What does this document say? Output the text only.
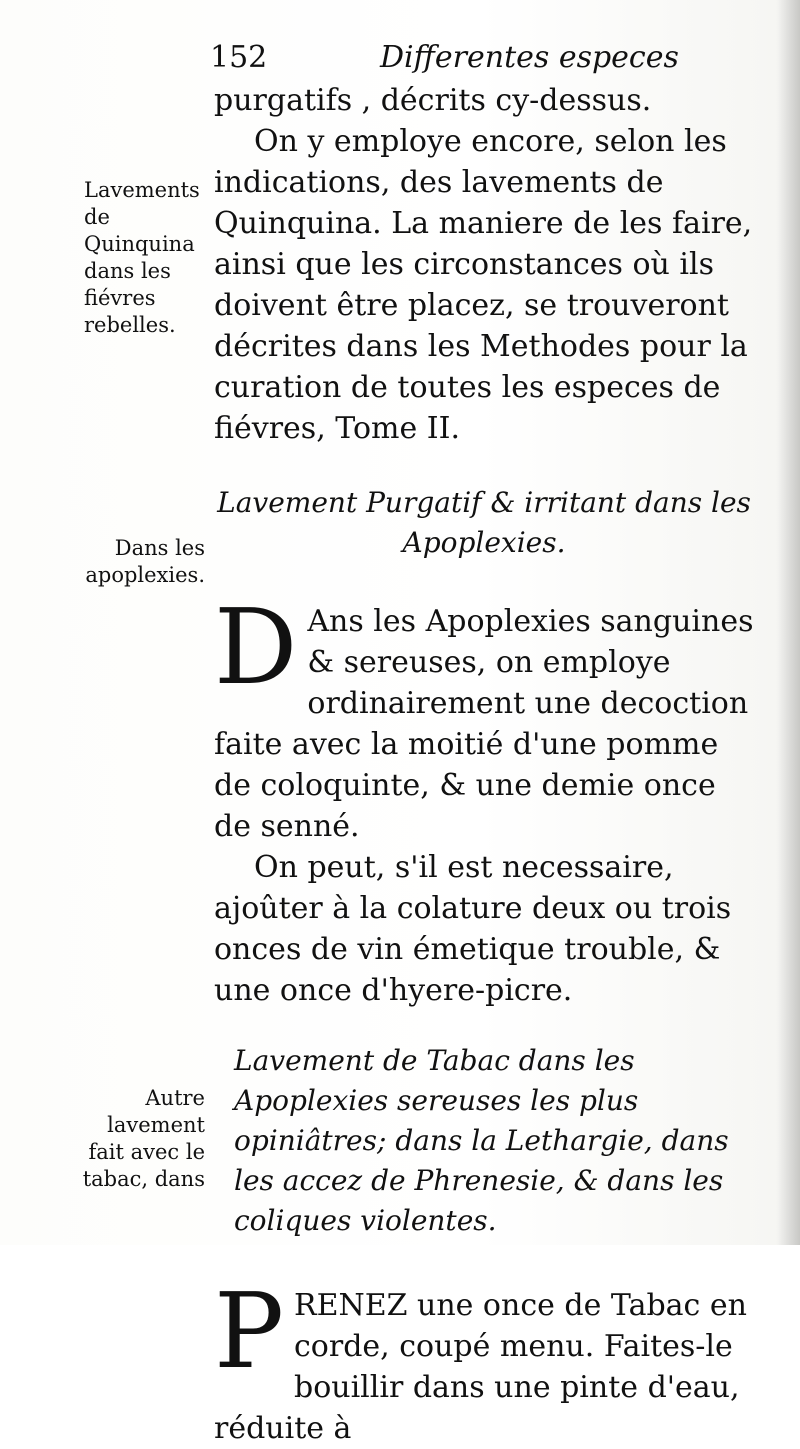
152	Differentes especes
Lavements de Quinquina dans les fiévres rebelles.
Dans les apoplexies.
Autre lavement fait avec le tabac, dans

purgatifs , décrits cy-dessus.

On y employe encore, selon les indications, des lavements de Quinquina. La maniere de les faire, ainsi que les circonstances où ils doivent être placez, se trouveront décrites dans les Methodes pour la curation de toutes les especes de fiévres, Tome II.

Lavement Purgatif & irritant dans les Apoplexies.

D Ans les Apoplexies sanguines & sereuses, on employe ordinairement une decoction faite avec la moitié d'une pomme de coloquinte, & une demie once de senné.

On peut, s'il est necessaire, ajoûter à la colature deux ou trois onces de vin émetique trouble, & une once d'hyere-picre.

Lavement de Tabac dans les Apoplexies sereuses les plus opiniâtres; dans la Lethargie, dans les accez de Phrenesie, & dans les coliques violentes.

PRENEZ une once de Tabac en corde, coupé menu. Faites-le bouillir dans une pinte d'eau, réduite à
